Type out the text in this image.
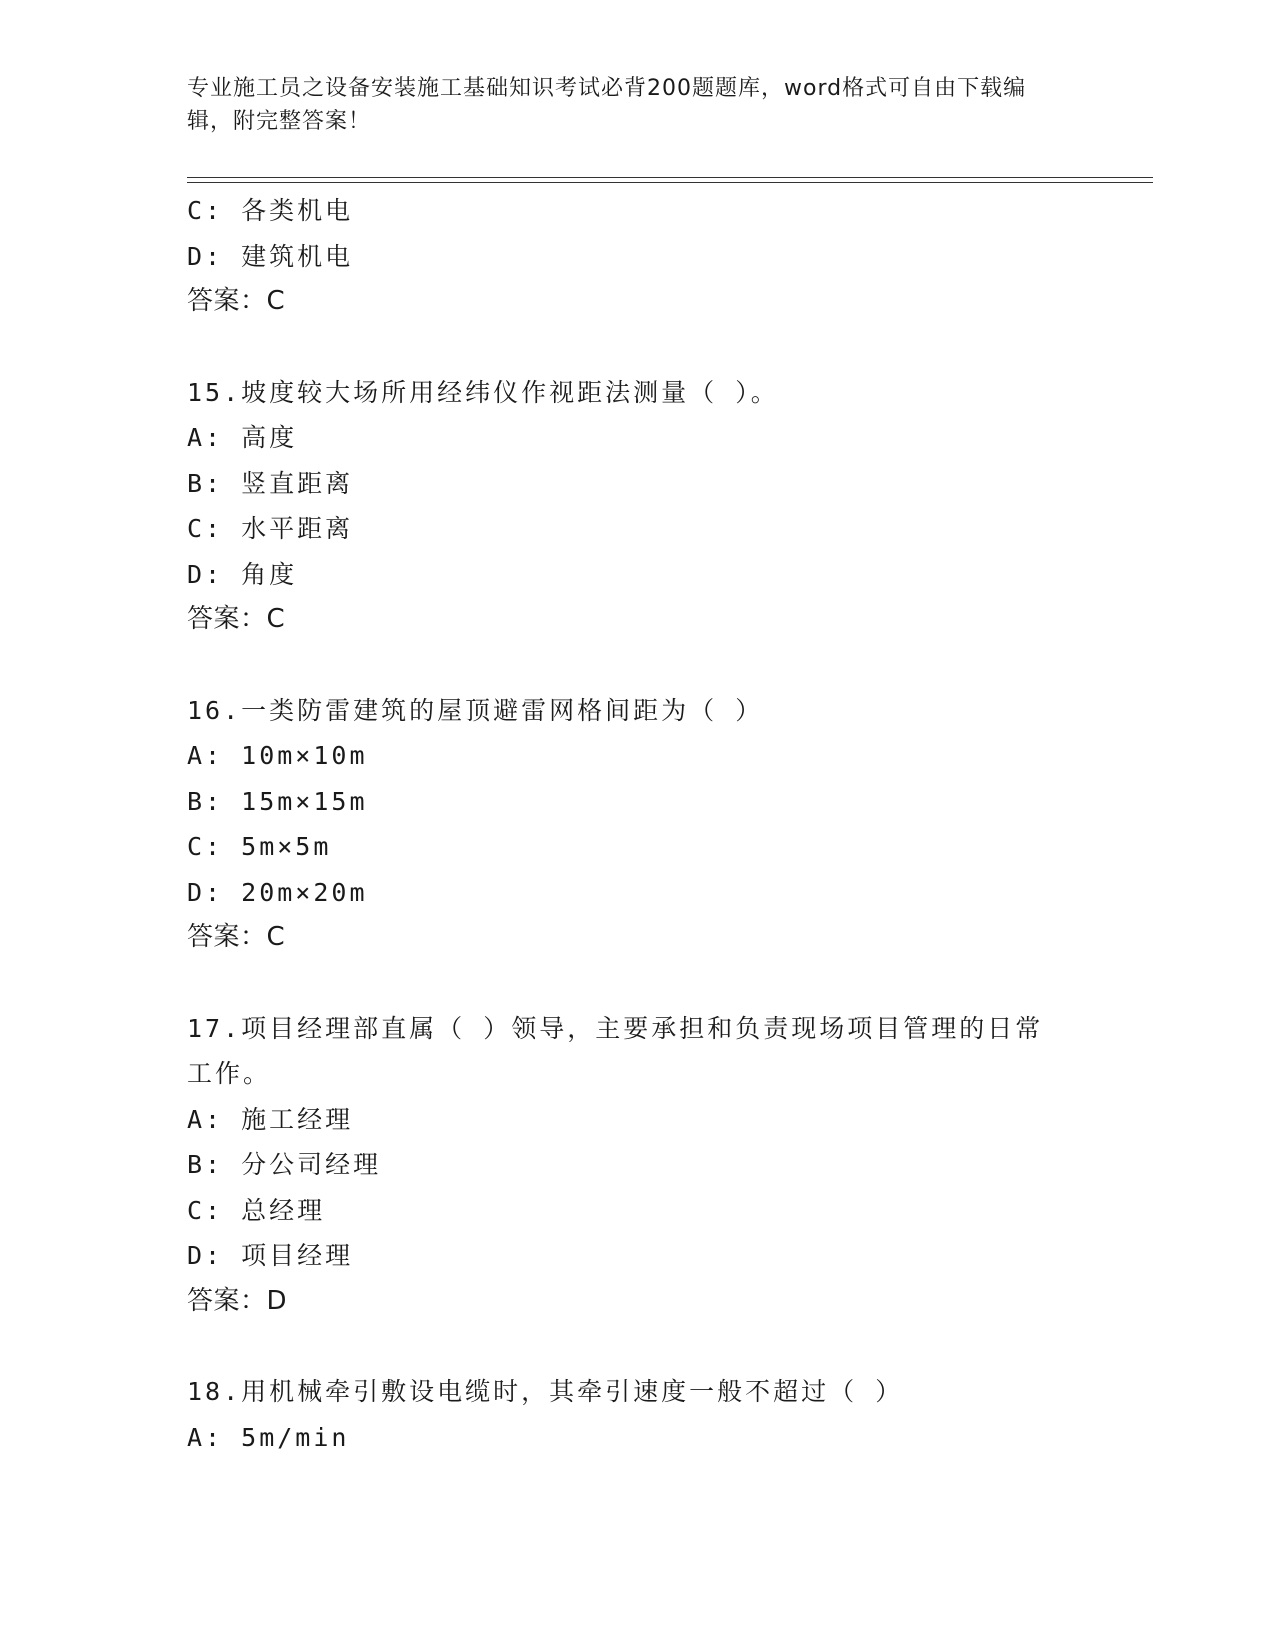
专业施工员之设备安装施工基础知识考试必背200题题库，word格式可自由下载编辑，附完整答案！
C: 各类机电
D: 建筑机电
答案：C
15.坡度较大场所用经纬仪作视距法测量（ ）。
A: 高度
B: 竖直距离
C: 水平距离
D: 角度
答案：C
16.一类防雷建筑的屋顶避雷网格间距为（ ）
A: 10m×10m
B: 15m×15m
C: 5m×5m
D: 20m×20m
答案：C
17.项目经理部直属（ ）领导，主要承担和负责现场项目管理的日常工作。
A: 施工经理
B: 分公司经理
C: 总经理
D: 项目经理
答案：D
18.用机械牵引敷设电缆时，其牵引速度一般不超过（ ）
A: 5m/min
